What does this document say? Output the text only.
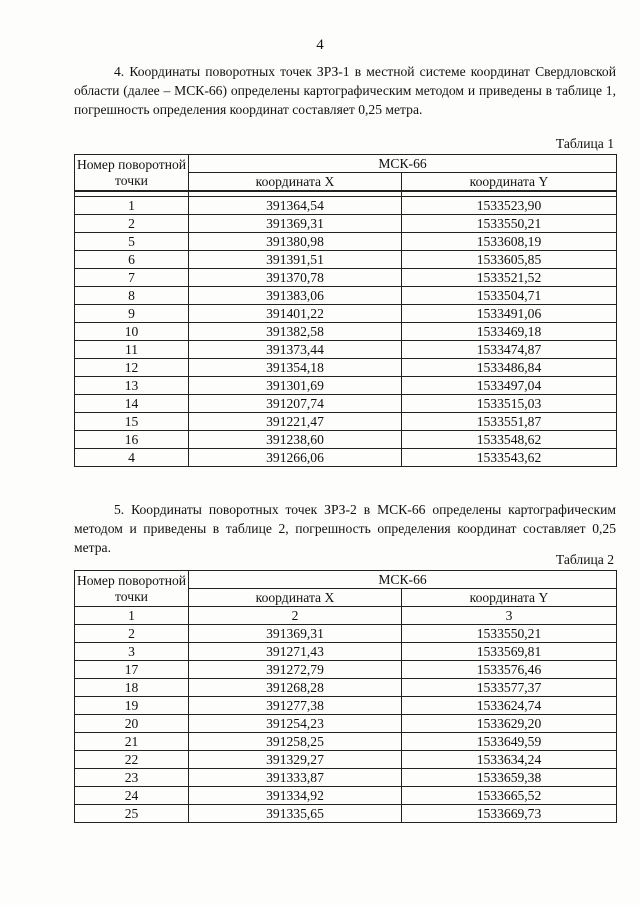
4

4. Координаты поворотных точек ЗРЗ-1 в местной системе координат Свердловской области (далее – МСК-66) определены картографическим методом и приведены в таблице 1, погрешность определения координат составляет 0,25 метра.

Таблица 1
Номер поворотной точки	МСК-66	
	координата X	координата Y

1	391364,54	1533523,90
2	391369,31	1533550,21
5	391380,98	1533608,19
6	391391,51	1533605,85
7	391370,78	1533521,52
8	391383,06	1533504,71
9	391401,22	1533491,06
10	391382,58	1533469,18
11	391373,44	1533474,87
12	391354,18	1533486,84
13	391301,69	1533497,04
14	391207,74	1533515,03
15	391221,47	1533551,87
16	391238,60	1533548,62
4	391266,06	1533543,62

5. Координаты поворотных точек ЗРЗ-2 в МСК-66 определены картографическим методом и приведены в таблице 2, погрешность определения координат составляет 0,25 метра.

Таблица 2
Номер поворотной точки	МСК-66	
	координата X	координата Y
1	2	3
2	391369,31	1533550,21
3	391271,43	1533569,81
17	391272,79	1533576,46
18	391268,28	1533577,37
19	391277,38	1533624,74
20	391254,23	1533629,20
21	391258,25	1533649,59
22	391329,27	1533634,24
23	391333,87	1533659,38
24	391334,92	1533665,52
25	391335,65	1533669,73
